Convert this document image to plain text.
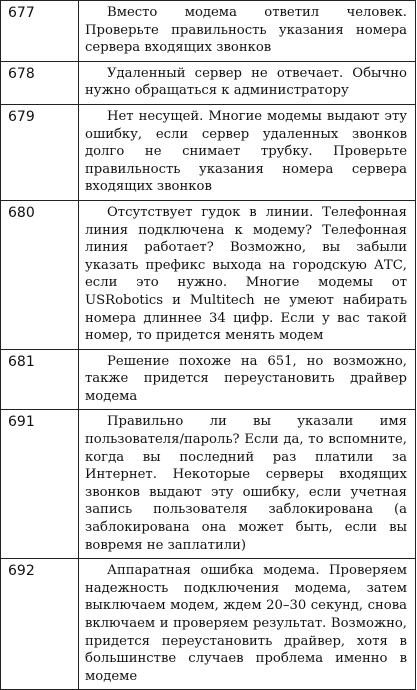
677	Вместо модема ответил человек. Проверьте правильность указания номера сервера входящих звонков
678	Удаленный сервер не отвечает. Обычно нужно обращаться к администратору
679	Нет несущей. Многие модемы выдают эту ошибку, если сервер удаленных звонков долго не снимает трубку. Проверьте правильность указания номера сервера входящих звонков
680	Отсутствует гудок в линии. Телефонная линия подключена к модему? Телефонная линия работает? Возможно, вы забыли указать префикс выхода на городскую АТС, если это нужно. Многие модемы от USRobotics и Multitech не умеют набирать номера длиннее 34 цифр. Если у вас такой номер, то придется менять модем
681	Решение похоже на 651, но возможно, также придется переустановить драйвер модема
691	Правильно ли вы указали имя пользователя/пароль? Если да, то вспомните, когда вы последний раз платили за Интернет. Некоторые серверы входящих звонков выдают эту ошибку, если учетная запись пользователя заблокирована (а заблокирована она может быть, если вы вовремя не заплатили)
692	Аппаратная ошибка модема. Проверяем надежность подключения модема, затем выключаем модем, ждем 20–30 секунд, снова включаем и проверяем результат. Возможно, придется переустановить драйвер, хотя в большинстве случаев проблема именно в модеме
